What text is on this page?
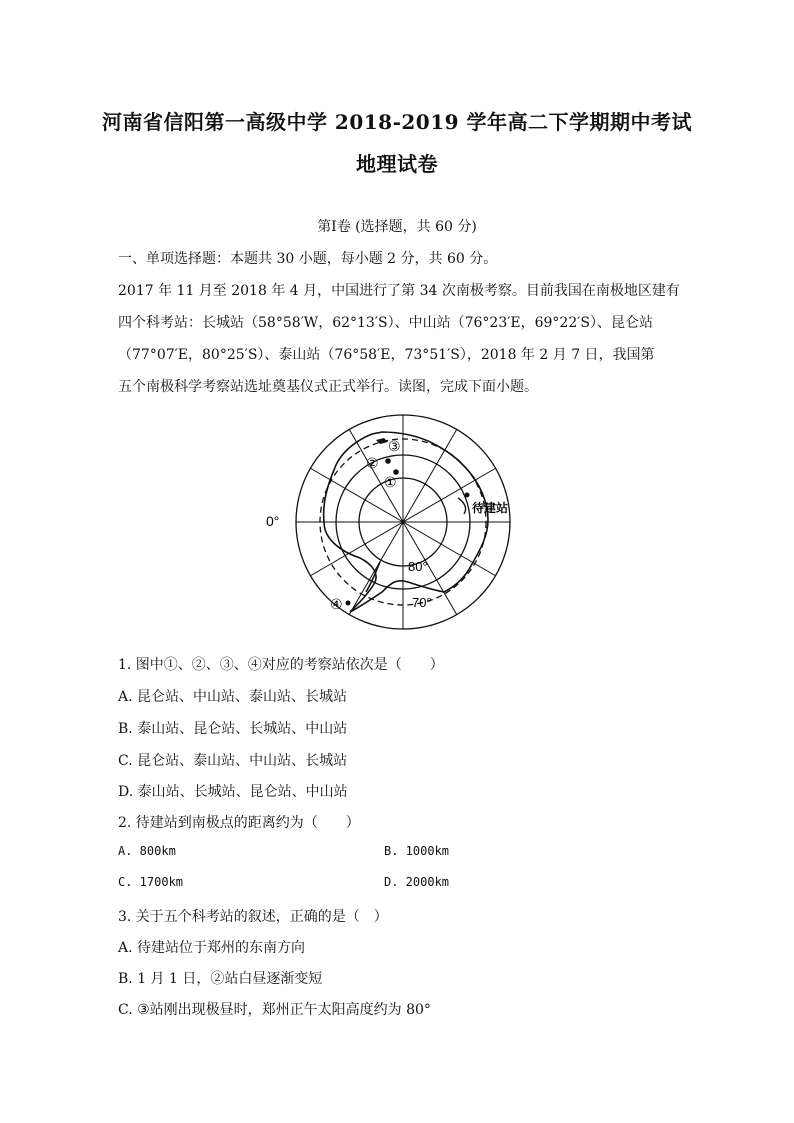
河南省信阳第一高级中学 2018-2019 学年高二下学期期中考试
地理试卷
第Ⅰ卷 (选择题，共 60 分)
一、单项选择题：本题共 30 小题，每小题 2 分，共 60 分。
2017 年 11 月至 2018 年 4 月，中国进行了第 34 次南极考察。目前我国在南极地区建有
四个科考站：长城站（58°58′W，62°13′S）、中山站（76°23′E，69°22′S）、昆仑站
（77°07′E，80°25′S）、泰山站（76°58′E，73°51′S），2018 年 2 月 7 日，我国第
五个南极科学考察站选址奠基仪式正式举行。读图，完成下面小题。
①
②
③
④
0°
80°
70°
待建站
1. 图中①、②、③、④对应的考察站依次是（　　）
A. 昆仑站、中山站、泰山站、长城站
B. 泰山站、昆仑站、长城站、中山站
C. 昆仑站、泰山站、中山站、长城站
D. 泰山站、长城站、昆仑站、中山站
2. 待建站到南极点的距离约为（　　）
A. 800km	B. 1000km
C. 1700km	D. 2000km
3. 关于五个科考站的叙述，正确的是（　）
A. 待建站位于郑州的东南方向
B. 1 月 1 日，②站白昼逐渐变短
C. ③站刚出现极昼时，郑州正午太阳高度约为 80°
